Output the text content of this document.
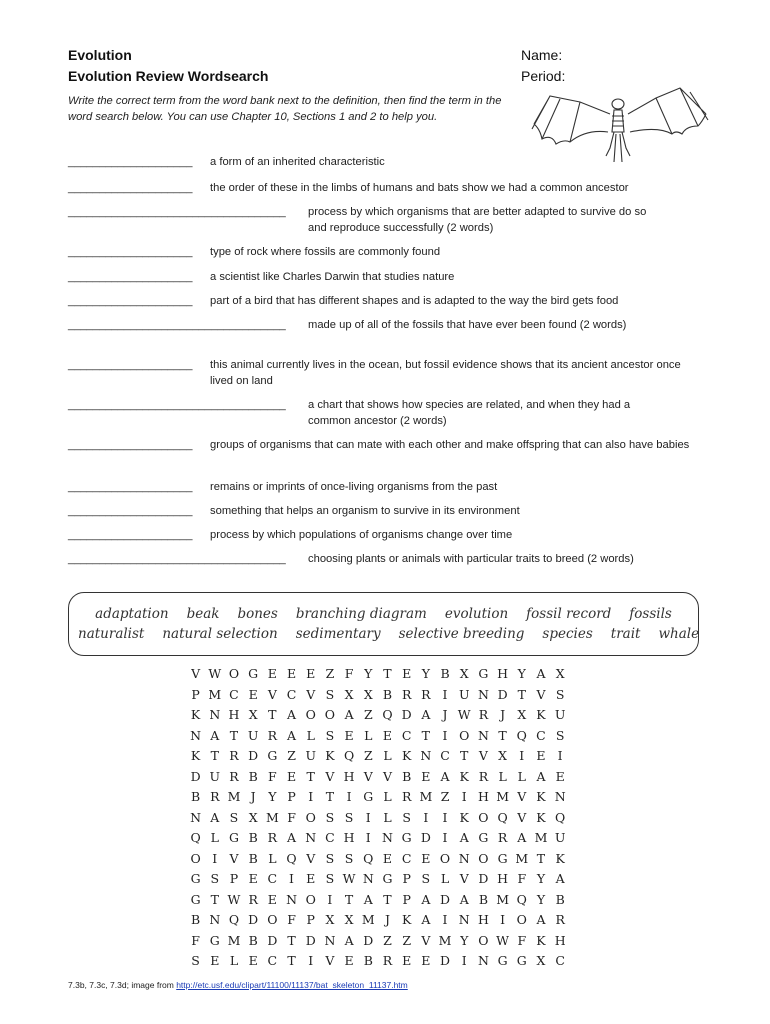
Evolution
Evolution Review Wordsearch
Name:
Period:
Write the correct term from the word bank next to the definition, then find the term in the word search below. You can use Chapter 10, Sections 1 and 2 to help you.
____________________	a form of an inherited characteristic
____________________	the order of these in the limbs of humans and bats show we had a common ancestor
___________________________________	process by which organisms that are better adapted to survive do so and reproduce successfully (2 words)
____________________	type of rock where fossils are commonly found
____________________	a scientist like Charles Darwin that studies nature
____________________	part of a bird that has different shapes and is adapted to the way the bird gets food
___________________________________	made up of all of the fossils that have ever been found (2 words)
____________________	this animal currently lives in the ocean, but fossil evidence shows that its ancient ancestor once lived on land
___________________________________	a chart that shows how species are related, and when they had a common ancestor (2 words)
____________________	groups of organisms that can mate with each other and make offspring that can also have babies
____________________	remains or imprints of once-living organisms from the past
____________________	something that helps an organism to survive in its environment
____________________	process by which populations of organisms change over time
___________________________________	choosing plants or animals with particular traits to breed (2 words)
adaptation beak bones branching diagram evolution fossil record fossils
naturalist natural selection sedimentary selective breeding species trait whale
V W O G E E E Z F Y T E Y B X G H Y A X
P M C E V C V S X X B R R I U N D T V S
K N H X T A O O A Z Q D A J W R J X K U
N A T U R A L S E L E C T I O N T Q C S
K T R D G Z U K Q Z L K N C T V X I E I
D U R B F E T V H V V B E A K R L L A E
B R M J Y P I T I G L R M Z I H M V K N
N A S X M F O S S I L S I I K O Q V K Q
Q L G B R A N C H I N G D I A G R A M U
O I V B L Q V S S Q E C E O N O G M T K
G S P E C I E S W N G P S L V D H F Y A
G T W R E N O I T A T P A D A B M Q Y B
B N Q D O F P X X M J K A I N H I O A R
F G M B D T D N A D Z Z V M Y O W F K H
S E L E C T I V E B R E E D I N G G X C
7.3b, 7.3c, 7.3d; image from http://etc.usf.edu/clipart/11100/11137/bat_skeleton_11137.htm
